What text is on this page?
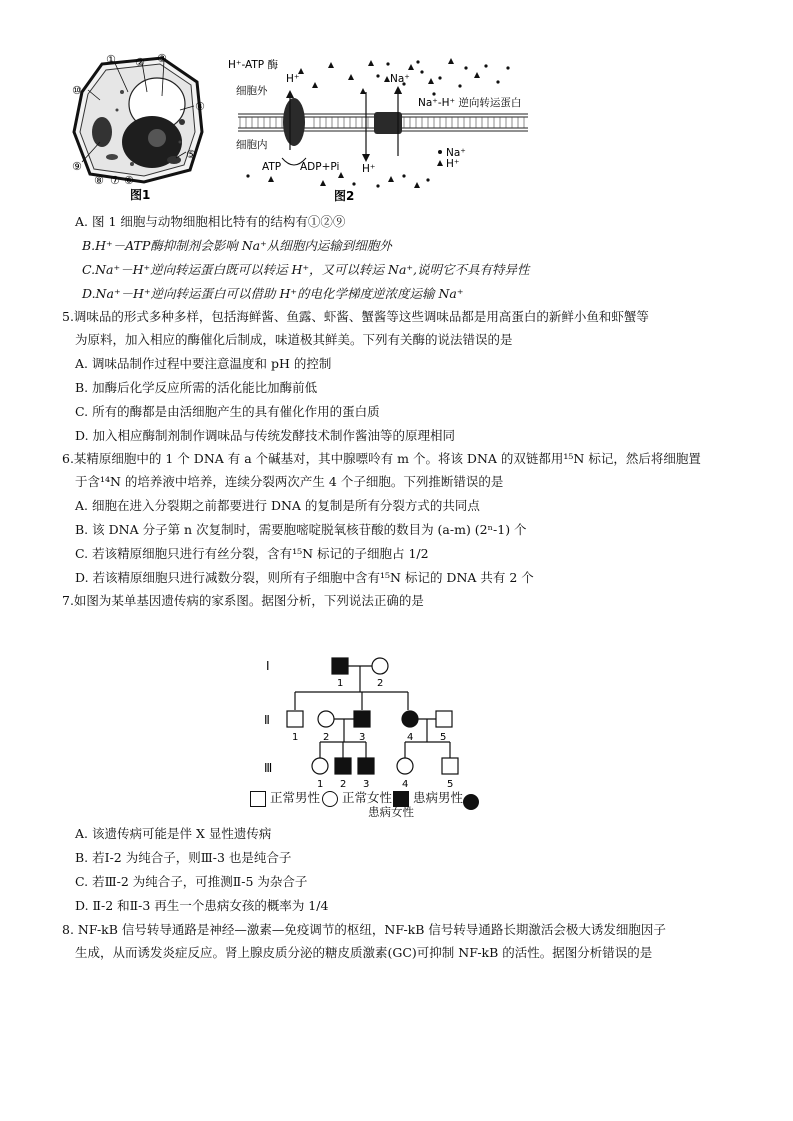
① ② ③
④
⑤
⑥
⑦
⑧
⑨
⑩
图1
H⁺-ATP 酶
H⁺	Na⁺
Na⁺-H⁺ 逆向转运蛋白
细胞外
细胞内
ATP ADP+Pi H⁺
Na⁺
H⁺
图2
A. 图 1 细胞与动物细胞相比特有的结构有①②⑨
B.H⁺－ATP酶抑制剂会影响 Na⁺从细胞内运输到细胞外
C.Na⁺－H⁺逆向转运蛋白既可以转运 H⁺，又可以转运 Na⁺,说明它不具有特异性
D.Na⁺－H⁺逆向转运蛋白可以借助 H⁺的电化学梯度逆浓度运输 Na⁺
5.调味品的形式多种多样，包括海鲜酱、鱼露、虾酱、蟹酱等这些调味品都是用高蛋白的新鲜小鱼和虾蟹等
为原料，加入相应的酶催化后制成，味道极其鲜美。下列有关酶的说法错误的是
A. 调味品制作过程中要注意温度和 pH 的控制
B. 加酶后化学反应所需的活化能比加酶前低
C. 所有的酶都是由活细胞产生的具有催化作用的蛋白质
D. 加入相应酶制剂制作调味品与传统发酵技术制作酱油等的原理相同
6.某精原细胞中的 1 个 DNA 有 a 个碱基对，其中腺嘌呤有 m 个。将该 DNA 的双链都用¹⁵N 标记，然后将细胞置
于含¹⁴N 的培养液中培养，连续分裂两次产生 4 个子细胞。下列推断错误的是
A. 细胞在进入分裂期之前都要进行 DNA 的复制是所有分裂方式的共同点
B. 该 DNA 分子第 n 次复制时，需要胞嘧啶脱氧核苷酸的数目为 (a-m) (2ⁿ-1) 个
C. 若该精原细胞只进行有丝分裂，含有¹⁵N 标记的子细胞占 1/2
D. 若该精原细胞只进行减数分裂，则所有子细胞中含有¹⁵N 标记的 DNA 共有 2 个
7.如图为某单基因遗传病的家系图。据图分析，下列说法正确的是
Ⅰ
Ⅱ
Ⅲ
1	2
1 2	3	4	5
1 2 3	4	5
正常男性	正常女性	患病男性
患病女性
A. 该遗传病可能是伴 X 显性遗传病
B. 若Ⅰ-2 为纯合子，则Ⅲ-3 也是纯合子
C. 若Ⅲ-2 为纯合子，可推测Ⅱ-5 为杂合子
D. Ⅱ-2 和Ⅱ-3 再生一个患病女孩的概率为 1/4
8. NF-kB 信号转导通路是神经—激素—免疫调节的枢纽，NF-kB 信号转导通路长期激活会极大诱发细胞因子
生成，从而诱发炎症反应。肾上腺皮质分泌的糖皮质激素(GC)可抑制 NF-kB 的活性。据图分析错误的是
